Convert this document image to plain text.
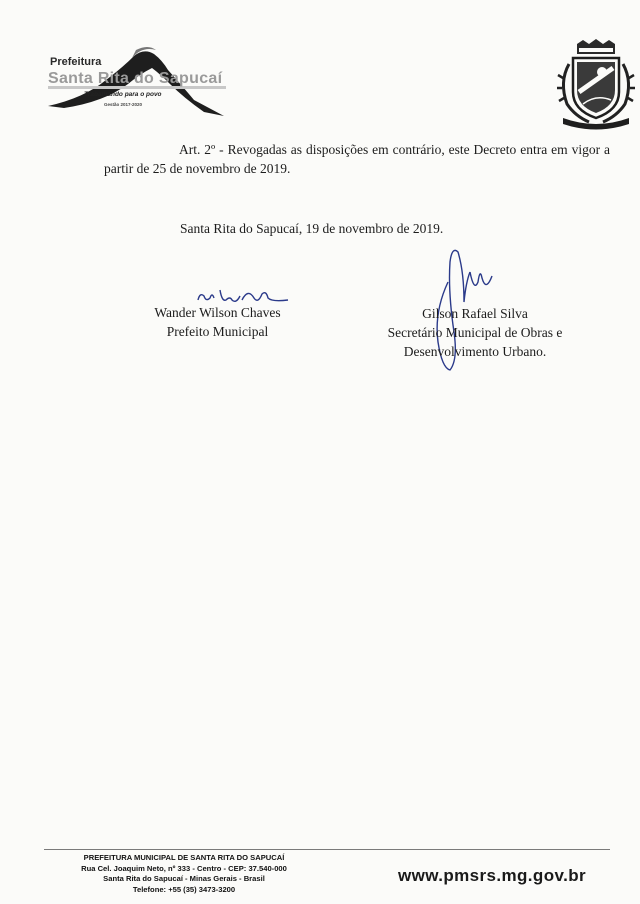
Prefeitura
Santa Rita do Sapucaí
Trabalhando para o povo
Gestão 2017-2020
Art. 2º - Revogadas as disposições em contrário, este Decreto entra em vigor a partir de 25 de novembro de 2019.
Santa Rita do Sapucaí, 19 de novembro de 2019.
Wander Wilson Chaves
Prefeito Municipal
Gilson Rafael Silva
Secretário Municipal de Obras e
Desenvolvimento Urbano.
PREFEITURA MUNICIPAL DE SANTA RITA DO SAPUCAÍ
Rua Cel. Joaquim Neto, nº 333 - Centro - CEP: 37.540-000
Santa Rita do Sapucaí - Minas Gerais - Brasil
Telefone: +55 (35) 3473-3200
www.pmsrs.mg.gov.br
